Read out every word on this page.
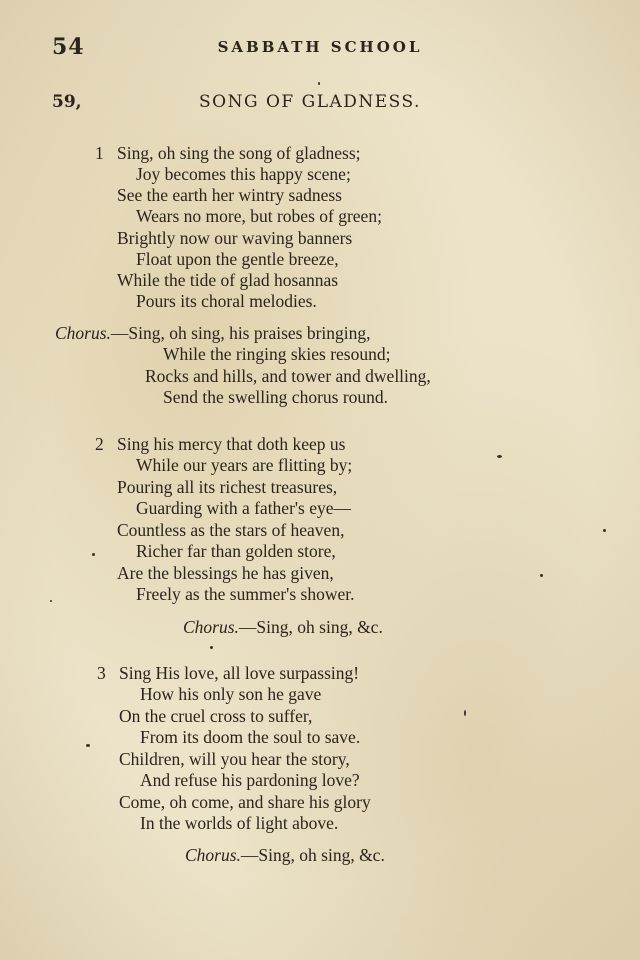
54	SABBATH SCHOOL
59,	SONG OF GLADNESS.
1 Sing, oh sing the song of gladness;
Joy becomes this happy scene;
See the earth her wintry sadness
Wears no more, but robes of green;
Brightly now our waving banners
Float upon the gentle breeze,
While the tide of glad hosannas
Pours its choral melodies.
Chorus.—Sing, oh sing, his praises bringing,
While the ringing skies resound;
Rocks and hills, and tower and dwelling,
Send the swelling chorus round.
2 Sing his mercy that doth keep us
While our years are flitting by;
Pouring all its richest treasures,
Guarding with a father's eye—
Countless as the stars of heaven,
Richer far than golden store,
Are the blessings he has given,
Freely as the summer's shower.
Chorus.—Sing, oh sing, &c.
3 Sing His love, all love surpassing!
How his only son he gave
On the cruel cross to suffer,
From its doom the soul to save.
Children, will you hear the story,
And refuse his pardoning love?
Come, oh come, and share his glory
In the worlds of light above.
Chorus.—Sing, oh sing, &c.
